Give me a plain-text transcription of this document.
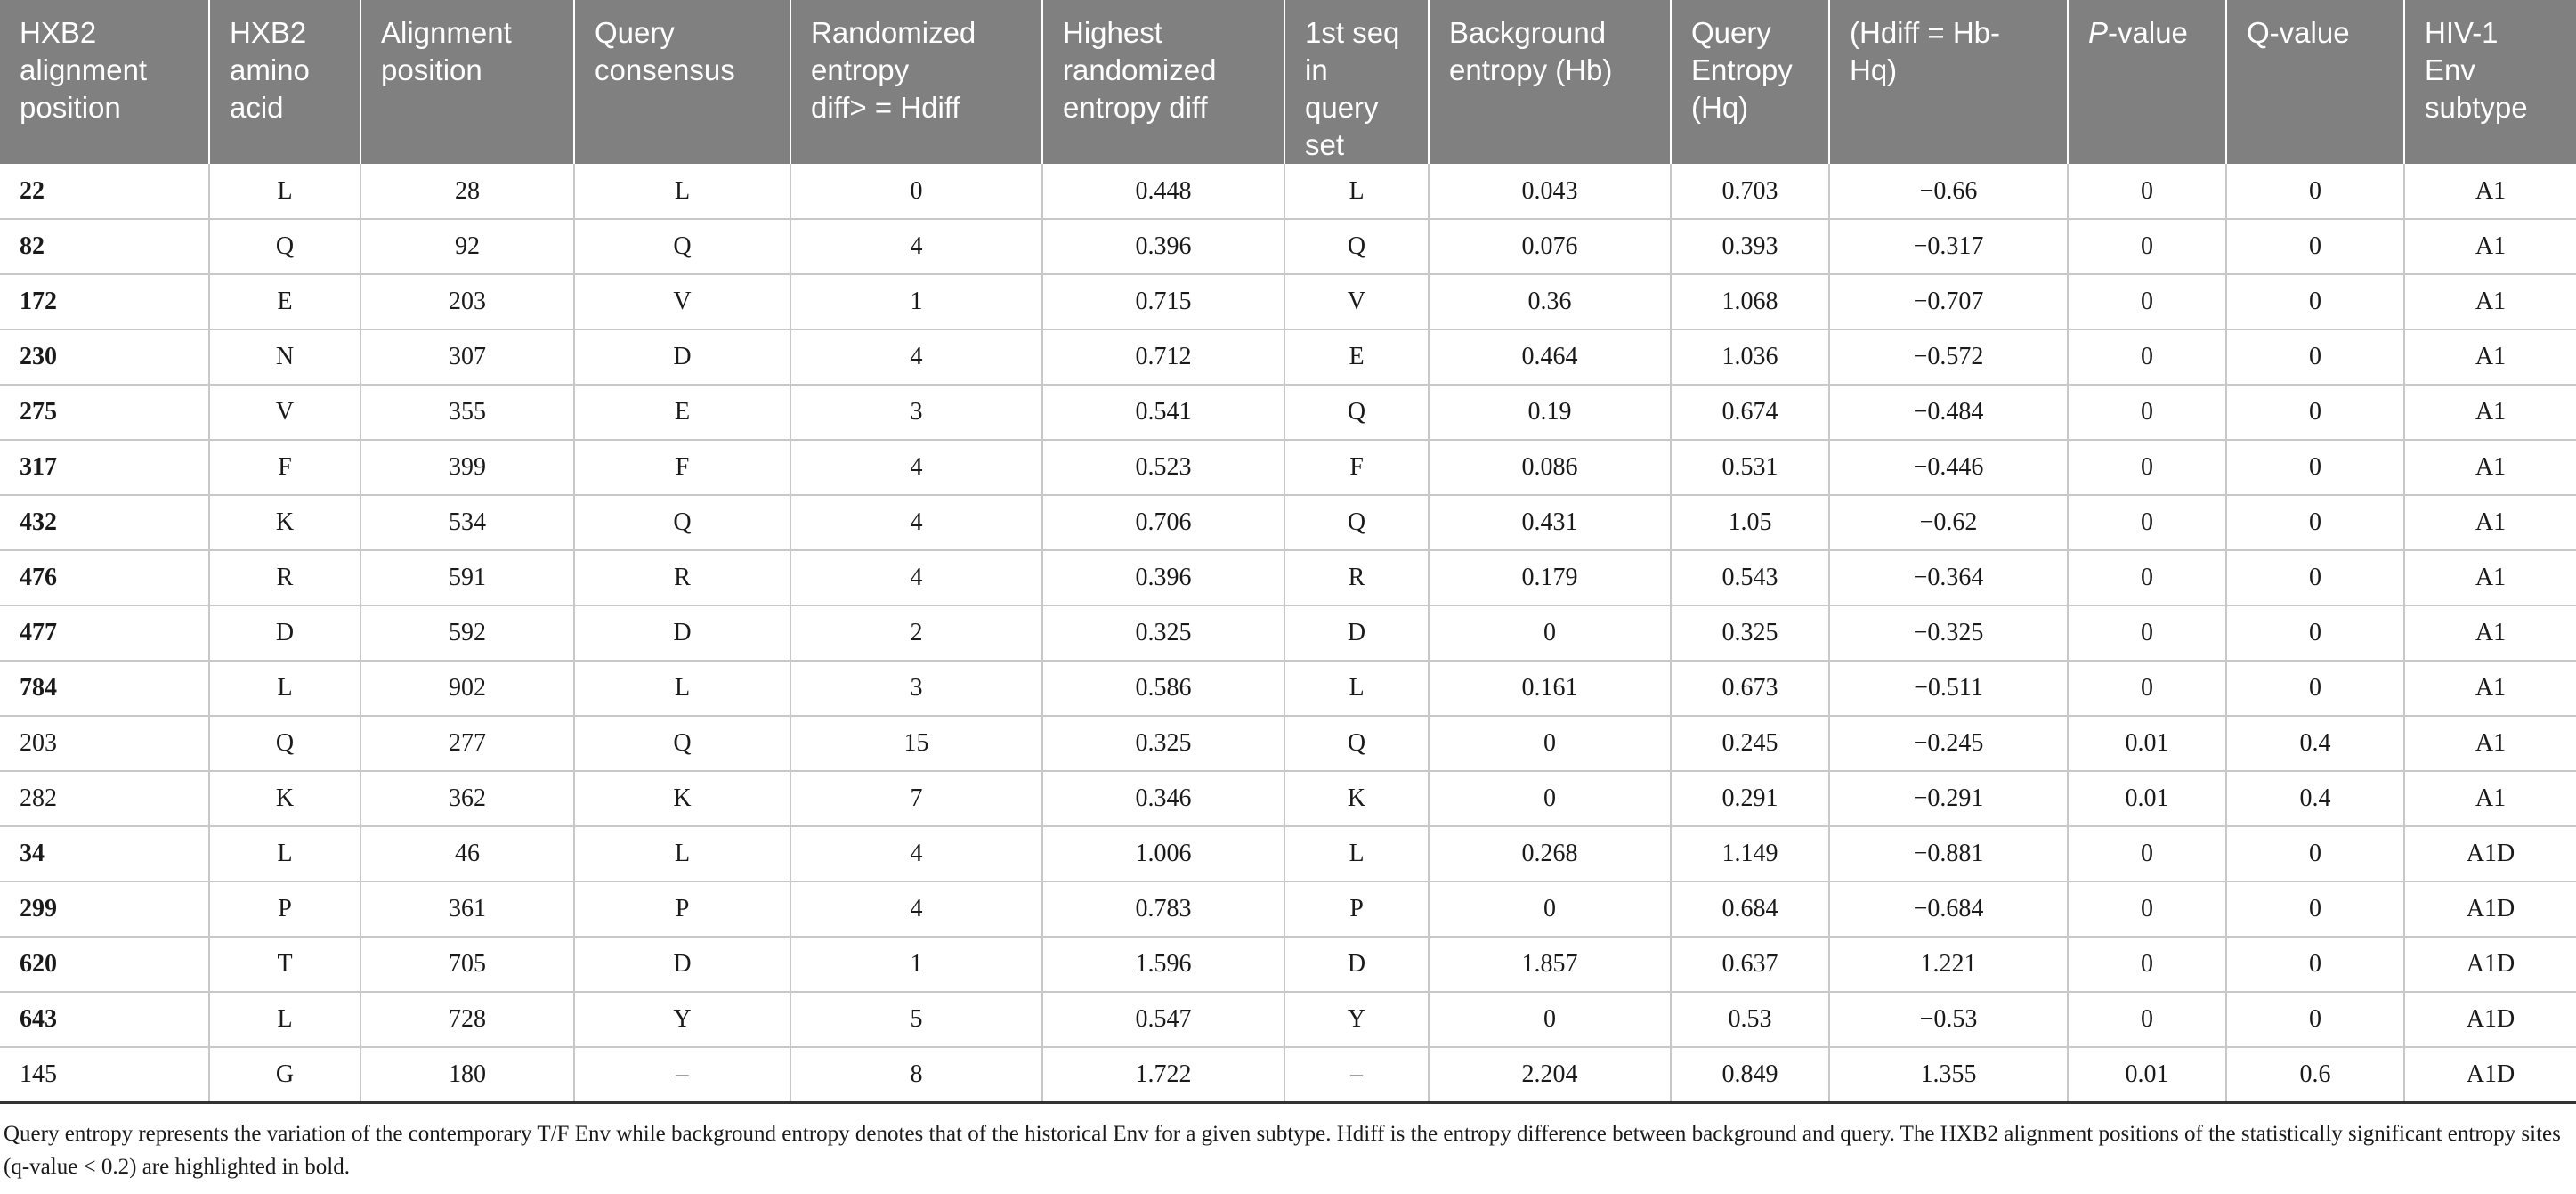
HXB2
alignment
position	HXB2
amino
acid	Alignment
position	Query
consensus	Randomized
entropy
diff> = Hdiff	Highest
randomized
entropy diff	1st seq
in
query
set	Background
entropy (Hb)	Query
Entropy
(Hq)	(Hdiff = Hb-
Hq)	P-value	Q-value	HIV-1
Env
subtype
22	L	28	L	0	0.448	L	0.043	0.703	−0.66	0	0	A1
82	Q	92	Q	4	0.396	Q	0.076	0.393	−0.317	0	0	A1
172	E	203	V	1	0.715	V	0.36	1.068	−0.707	0	0	A1
230	N	307	D	4	0.712	E	0.464	1.036	−0.572	0	0	A1
275	V	355	E	3	0.541	Q	0.19	0.674	−0.484	0	0	A1
317	F	399	F	4	0.523	F	0.086	0.531	−0.446	0	0	A1
432	K	534	Q	4	0.706	Q	0.431	1.05	−0.62	0	0	A1
476	R	591	R	4	0.396	R	0.179	0.543	−0.364	0	0	A1
477	D	592	D	2	0.325	D	0	0.325	−0.325	0	0	A1
784	L	902	L	3	0.586	L	0.161	0.673	−0.511	0	0	A1
203	Q	277	Q	15	0.325	Q	0	0.245	−0.245	0.01	0.4	A1
282	K	362	K	7	0.346	K	0	0.291	−0.291	0.01	0.4	A1
34	L	46	L	4	1.006	L	0.268	1.149	−0.881	0	0	A1D
299	P	361	P	4	0.783	P	0	0.684	−0.684	0	0	A1D
620	T	705	D	1	1.596	D	1.857	0.637	1.221	0	0	A1D
643	L	728	Y	5	0.547	Y	0	0.53	−0.53	0	0	A1D
145	G	180	–	8	1.722	–	2.204	0.849	1.355	0.01	0.6	A1D

Query entropy represents the variation of the contemporary T/F Env while background entropy denotes that of the historical Env for a given subtype. Hdiff is the entropy difference between background and query. The HXB2 alignment positions of the statistically significant entropy sites (q-value < 0.2) are highlighted in bold.
